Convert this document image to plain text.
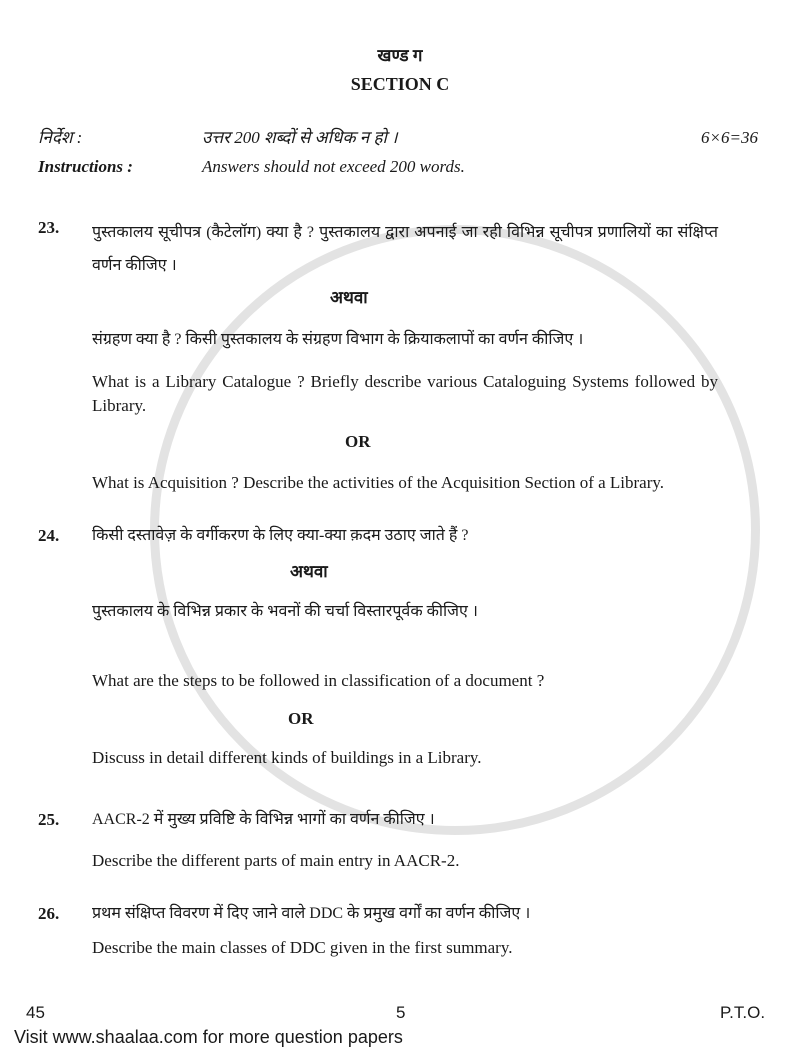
खण्ड ग
SECTION C
निर्देश :	उत्तर 200 शब्दों से अधिक न हो ।	6×6=36
Instructions :	Answers should not exceed 200 words.
23.	पुस्तकालय सूचीपत्र (कैटेलॉग) क्या है ? पुस्तकालय द्वारा अपनाई जा रही विभिन्न सूचीपत्र प्रणालियों का संक्षिप्त वर्णन कीजिए ।
अथवा
संग्रहण क्या है ? किसी पुस्तकालय के संग्रहण विभाग के क्रियाकलापों का वर्णन कीजिए ।
What is a Library Catalogue ? Briefly describe various Cataloguing Systems followed by Library.
OR
What is Acquisition ? Describe the activities of the Acquisition Section of a Library.
24.	किसी दस्तावेज़ के वर्गीकरण के लिए क्या-क्या क़दम उठाए जाते हैं ?
अथवा
पुस्तकालय के विभिन्न प्रकार के भवनों की चर्चा विस्तारपूर्वक कीजिए ।
What are the steps to be followed in classification of a document ?
OR
Discuss in detail different kinds of buildings in a Library.
25.	AACR-2 में मुख्य प्रविष्टि के विभिन्न भागों का वर्णन कीजिए ।
Describe the different parts of main entry in AACR-2.
26.	प्रथम संक्षिप्त विवरण में दिए जाने वाले DDC के प्रमुख वर्गों का वर्णन कीजिए ।
Describe the main classes of DDC given in the first summary.
45	5	P.T.O.
Visit www.shaalaa.com for more question papers
